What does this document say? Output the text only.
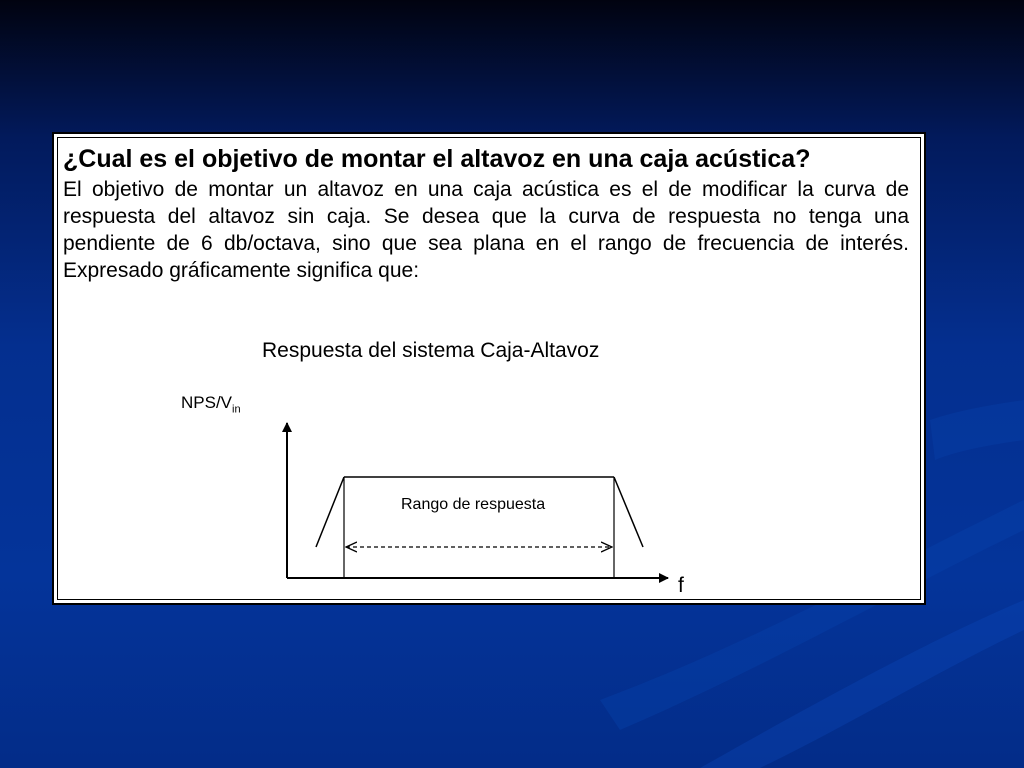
¿Cual es el objetivo de montar el altavoz en una caja acústica?
El objetivo de montar un altavoz en una caja acústica es el de modificar la curva de respuesta del altavoz sin caja. Se desea que la curva de respuesta no tenga una pendiente de 6 db/octava, sino que sea plana en el rango de frecuencia de interés. Expresado gráficamente significa que:
Respuesta del sistema Caja-Altavoz
NPS/$V_{in}$
Rango de respuesta
f
